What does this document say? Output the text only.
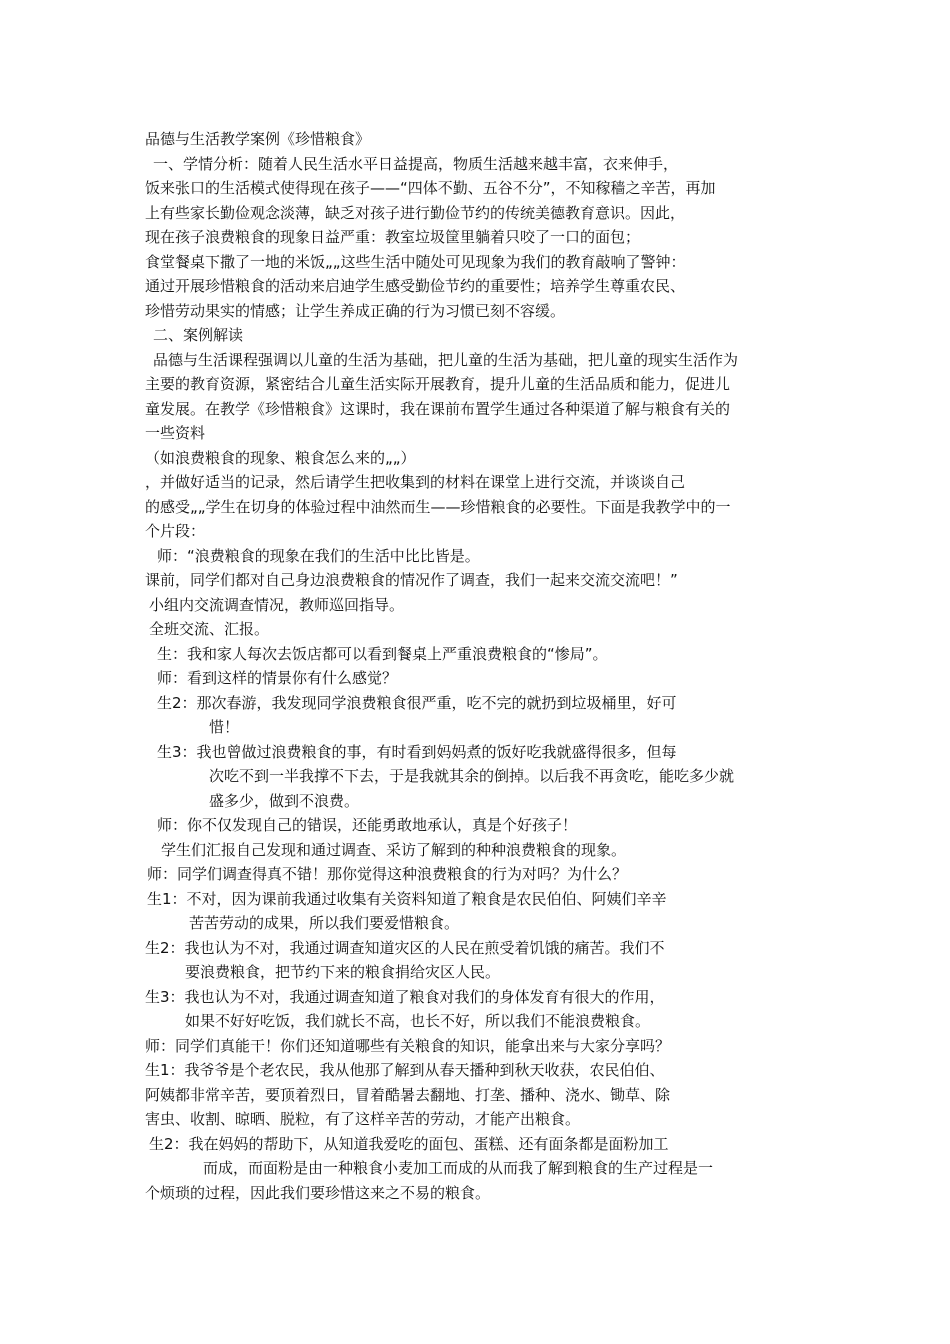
品德与生活教学案例《珍惜粮食》
一、学情分析：随着人民生活水平日益提高，物质生活越来越丰富，衣来伸手，
饭来张口的生活模式使得现在孩子——“四体不勤、五谷不分”，不知稼穑之辛苦，再加
上有些家长勤俭观念淡薄，缺乏对孩子进行勤俭节约的传统美德教育意识。因此，
现在孩子浪费粮食的现象日益严重：教室垃圾筐里躺着只咬了一口的面包；
食堂餐桌下撒了一地的米饭„„这些生活中随处可见现象为我们的教育敲响了警钟：
通过开展珍惜粮食的活动来启迪学生感受勤俭节约的重要性；培养学生尊重农民、
珍惜劳动果实的情感；让学生养成正确的行为习惯已刻不容缓。
二、案例解读
品德与生活课程强调以儿童的生活为基础，把儿童的生活为基础，把儿童的现实生活作为
主要的教育资源，紧密结合儿童生活实际开展教育，提升儿童的生活品质和能力，促进儿
童发展。在教学《珍惜粮食》这课时，我在课前布置学生通过各种渠道了解与粮食有关的
一些资料
（如浪费粮食的现象、粮食怎么来的„„）
，并做好适当的记录，然后请学生把收集到的材料在课堂上进行交流，并谈谈自己
的感受„„学生在切身的体验过程中油然而生——珍惜粮食的必要性。下面是我教学中的一
个片段：
师：“浪费粮食的现象在我们的生活中比比皆是。
课前，同学们都对自己身边浪费粮食的情况作了调查，我们一起来交流交流吧！”
小组内交流调查情况，教师巡回指导。
全班交流、汇报。
生：我和家人每次去饭店都可以看到餐桌上严重浪费粮食的“惨局”。
师：看到这样的情景你有什么感觉？
生2：那次春游，我发现同学浪费粮食很严重，吃不完的就扔到垃圾桶里，好可
惜！
生3：我也曾做过浪费粮食的事，有时看到妈妈煮的饭好吃我就盛得很多，但每
次吃不到一半我撑不下去，于是我就其余的倒掉。以后我不再贪吃，能吃多少就
盛多少，做到不浪费。
师：你不仅发现自己的错误，还能勇敢地承认，真是个好孩子！
学生们汇报自己发现和通过调查、采访了解到的种种浪费粮食的现象。
师：同学们调查得真不错！那你觉得这种浪费粮食的行为对吗？为什么？
生1：不对，因为课前我通过收集有关资料知道了粮食是农民伯伯、阿姨们辛辛
苦苦劳动的成果，所以我们要爱惜粮食。
生2：我也认为不对，我通过调查知道灾区的人民在煎受着饥饿的痛苦。我们不
要浪费粮食，把节约下来的粮食捐给灾区人民。
生3：我也认为不对，我通过调查知道了粮食对我们的身体发育有很大的作用，
如果不好好吃饭，我们就长不高，也长不好，所以我们不能浪费粮食。
师：同学们真能干！你们还知道哪些有关粮食的知识，能拿出来与大家分享吗？
生1：我爷爷是个老农民，我从他那了解到从春天播种到秋天收获，农民伯伯、
阿姨都非常辛苦，要顶着烈日，冒着酷暑去翻地、打垄、播种、浇水、锄草、除
害虫、收割、晾晒、脱粒，有了这样辛苦的劳动，才能产出粮食。
生2：我在妈妈的帮助下，从知道我爱吃的面包、蛋糕、还有面条都是面粉加工
而成，而面粉是由一种粮食小麦加工而成的从而我了解到粮食的生产过程是一
个烦琐的过程，因此我们要珍惜这来之不易的粮食。
